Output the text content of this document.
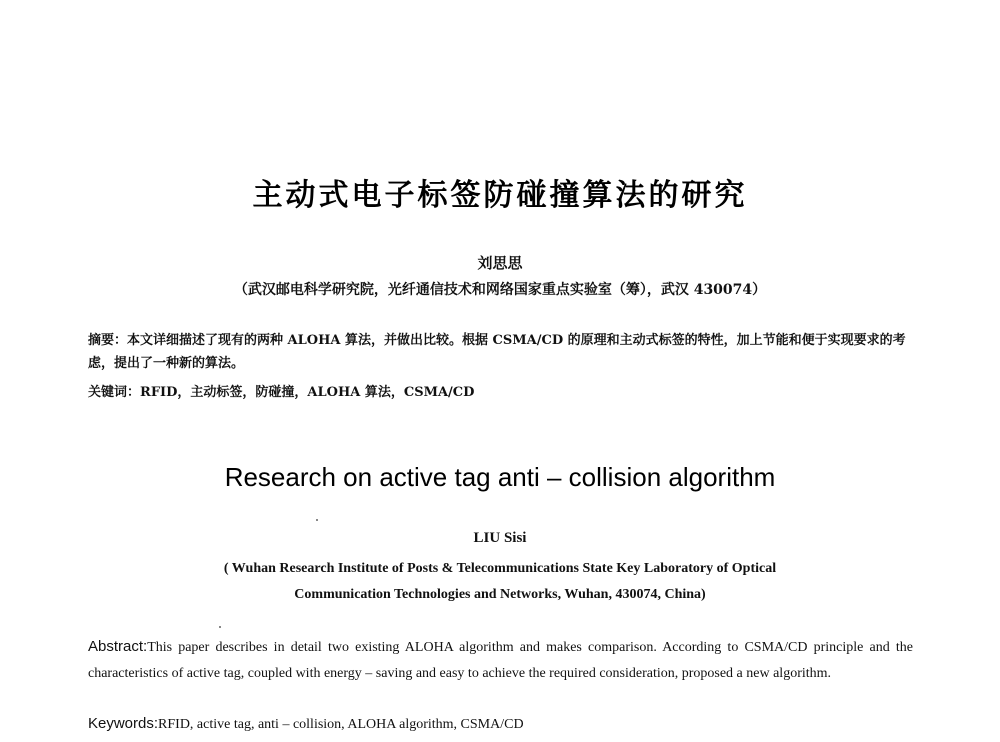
主动式电子标签防碰撞算法的研究
刘思思
（武汉邮电科学研究院，光纤通信技术和网络国家重点实验室（筹），武汉 430074）
摘要：本文详细描述了现有的两种 ALOHA 算法，并做出比较。根据 CSMA/CD 的原理和主动式标签的特性，加上节能和便于实现要求的考虑，提出了一种新的算法。
关键词：RFID，主动标签，防碰撞，ALOHA 算法，CSMA/CD
Research on active tag anti – collision algorithm
LIU Sisi
( Wuhan Research Institute of Posts & Telecommunications State Key Laboratory of Optical
Communication Technologies and Networks, Wuhan, 430074, China)
Abstract:This paper describes in detail two existing ALOHA algorithm and makes comparison. According to CSMA/CD principle and the characteristics of active tag, coupled with energy – saving and easy to achieve the required consideration, proposed a new algorithm.
Keywords:RFID, active tag, anti – collision, ALOHA algorithm, CSMA/CD
